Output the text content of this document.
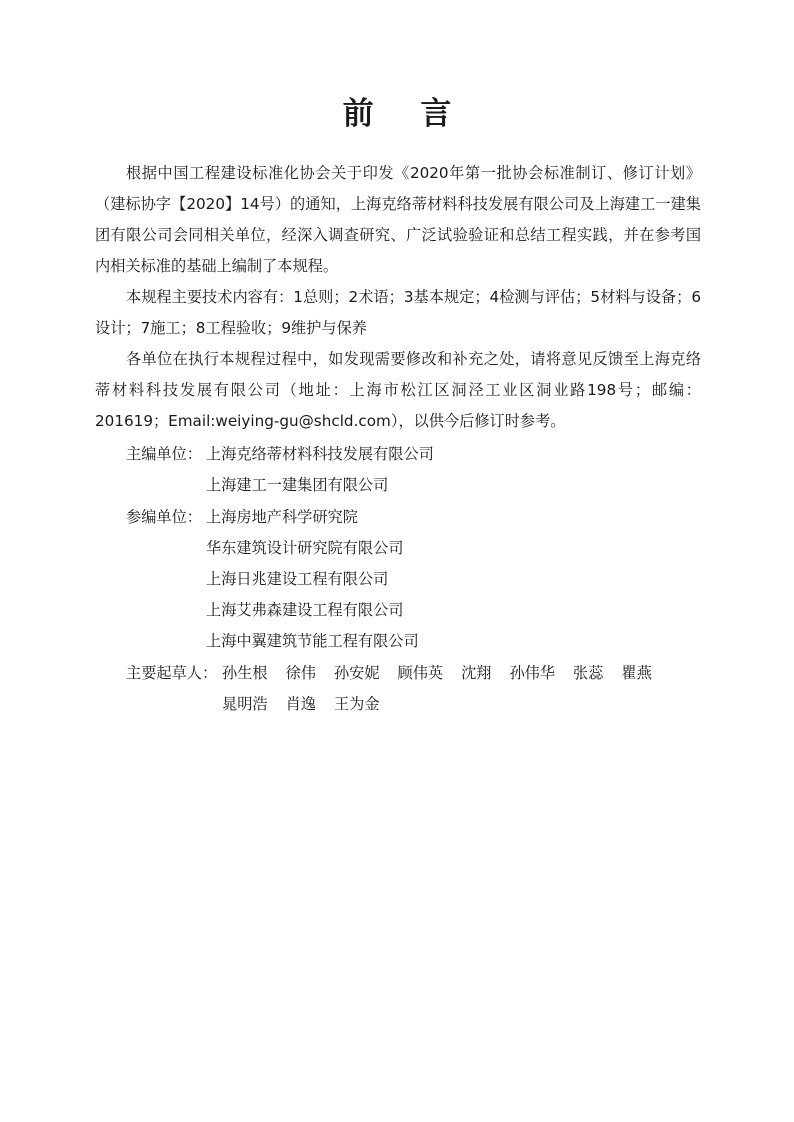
前 言

根据中国工程建设标准化协会关于印发《2020年第一批协会标准制订、修订计划》（建标协字【2020】14号）的通知，上海克络蒂材料科技发展有限公司及上海建工一建集团有限公司会同相关单位，经深入调查研究、广泛试验验证和总结工程实践，并在参考国内相关标准的基础上编制了本规程。

本规程主要技术内容有：1总则；2术语；3基本规定；4检测与评估；5材料与设备；6设计；7施工；8工程验收；9维护与保养

各单位在执行本规程过程中，如发现需要修改和补充之处，请将意见反馈至上海克络蒂材料科技发展有限公司（地址：上海市松江区洞泾工业区洞业路198号；邮编：201619；Email:weiying-gu@shcld.com），以供今后修订时参考。

主编单位： 上海克络蒂材料科技发展有限公司
上海建工一建集团有限公司
参编单位： 上海房地产科学研究院
华东建筑设计研究院有限公司
上海日兆建设工程有限公司
上海艾弗森建设工程有限公司
上海中翼建筑节能工程有限公司
主要起草人： 孙生根 徐伟 孙安妮 顾伟英 沈翔 孙伟华 张蕊 瞿燕
晁明浩 肖逸 王为金
